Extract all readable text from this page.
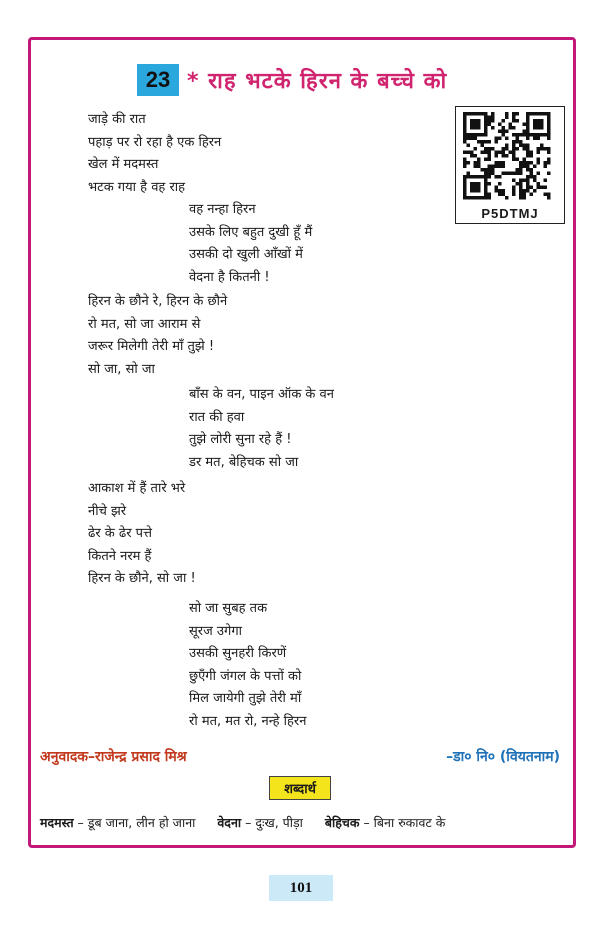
23 * राह भटके हिरन के बच्चे को
P5DTMJ
जाड़े की रात
पहाड़ पर रो रहा है एक हिरन
खेल में मदमस्त
भटक गया है वह राह
वह नन्हा हिरन
उसके लिए बहुत दुखी हूँ मैं
उसकी दो खुली आँखों में
वेदना है कितनी !
हिरन के छौने रे, हिरन के छौने
रो मत, सो जा आराम से
जरूर मिलेगी तेरी माँ तुझे !
सो जा, सो जा
बाँस के वन, पाइन ऑक के वन
रात की हवा
तुझे लोरी सुना रहे हैं !
डर मत, बेहिचक सो जा
आकाश में हैं तारे भरे
नीचे झरे
ढेर के ढेर पत्ते
कितने नरम हैं
हिरन के छौने, सो जा !
सो जा सुबह तक
सूरज उगेगा
उसकी सुनहरी किरणें
छुएँगी जंगल के पत्तों को
मिल जायेगी तुझे तेरी माँ
रो मत, मत रो, नन्हे हिरन
अनुवादक–राजेन्द्र प्रसाद मिश्र	–डा० नि० (वियतनाम)
शब्दार्थ
मदमस्त – डूब जाना, लीन हो जाना वेदना – दुःख, पीड़ा बेहिचक – बिना रुकावट के
101
